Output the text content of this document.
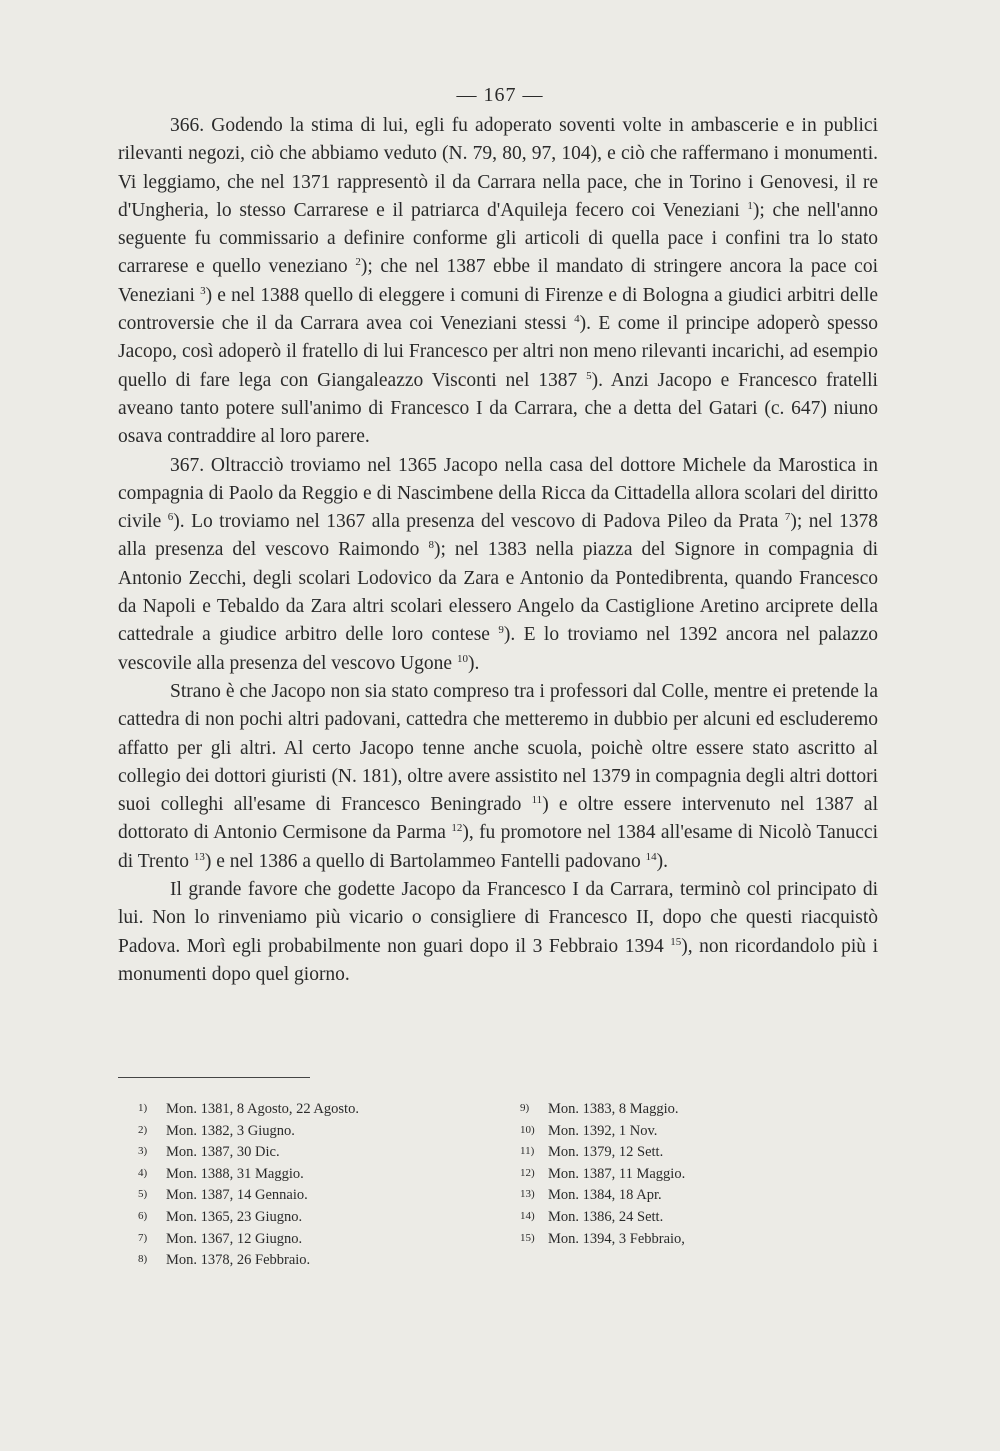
— 167 —

366. Godendo la stima di lui, egli fu adoperato soventi volte in ambascerie e in publici rilevanti negozi, ciò che abbiamo veduto (N. 79, 80, 97, 104), e ciò che raffermano i monumenti. Vi leggiamo, che nel 1371 rappresentò il da Carrara nella pace, che in Torino i Genovesi, il re d'Ungheria, lo stesso Carrarese e il patriarca d'Aquileja fecero coi Veneziani $^1$); che nell'anno seguente fu commissario a definire conforme gli articoli di quella pace i confini tra lo stato carrarese e quello veneziano $^2$); che nel 1387 ebbe il mandato di stringere ancora la pace coi Veneziani $^3$) e nel 1388 quello di eleggere i comuni di Firenze e di Bologna a giudici arbitri delle controversie che il da Carrara avea coi Veneziani stessi $^4$). E come il principe adoperò spesso Jacopo, così adoperò il fratello di lui Francesco per altri non meno rilevanti incarichi, ad esempio quello di fare lega con Giangaleazzo Visconti nel 1387 $^5$). Anzi Jacopo e Francesco fratelli aveano tanto potere sull'animo di Francesco I da Carrara, che a detta del Gatari (c. 647) niuno osava contraddire al loro parere.

367. Oltracciò troviamo nel 1365 Jacopo nella casa del dottore Michele da Marostica in compagnia di Paolo da Reggio e di Nascimbene della Ricca da Cittadella allora scolari del diritto civile $^6$). Lo troviamo nel 1367 alla presenza del vescovo di Padova Pileo da Prata $^7$); nel 1378 alla presenza del vescovo Raimondo $^8$); nel 1383 nella piazza del Signore in compagnia di Antonio Zecchi, degli scolari Lodovico da Zara e Antonio da Pontedibrenta, quando Francesco da Napoli e Tebaldo da Zara altri scolari elessero Angelo da Castiglione Aretino arciprete della cattedrale a giudice arbitro delle loro contese $^9$). E lo troviamo nel 1392 ancora nel palazzo vescovile alla presenza del vescovo Ugone $^{10}$).

Strano è che Jacopo non sia stato compreso tra i professori dal Colle, mentre ei pretende la cattedra di non pochi altri padovani, cattedra che metteremo in dubbio per alcuni ed escluderemo affatto per gli altri. Al certo Jacopo tenne anche scuola, poichè oltre essere stato ascritto al collegio dei dottori giuristi (N. 181), oltre avere assistito nel 1379 in compagnia degli altri dottori suoi colleghi all'esame di Francesco Beningrado $^{11}$) e oltre essere intervenuto nel 1387 al dottorato di Antonio Cermisone da Parma $^{12}$), fu promotore nel 1384 all'esame di Nicolò Tanucci di Trento $^{13}$) e nel 1386 a quello di Bartolammeo Fantelli padovano $^{14}$).

Il grande favore che godette Jacopo da Francesco I da Carrara, terminò col principato di lui. Non lo rinveniamo più vicario o consigliere di Francesco II, dopo che questi riacquistò Padova. Morì egli probabilmente non guari dopo il 3 Febbraio 1394 $^{15}$), non ricordandolo più i monumenti dopo quel giorno.

1) Mon. 1381, 8 Agosto, 22 Agosto.
2) Mon. 1382, 3 Giugno.
3) Mon. 1387, 30 Dic.
4) Mon. 1388, 31 Maggio.
5) Mon. 1387, 14 Gennaio.
6) Mon. 1365, 23 Giugno.
7) Mon. 1367, 12 Giugno.
8) Mon. 1378, 26 Febbraio.
9) Mon. 1383, 8 Maggio.
10) Mon. 1392, 1 Nov.
11) Mon. 1379, 12 Sett.
12) Mon. 1387, 11 Maggio.
13) Mon. 1384, 18 Apr.
14) Mon. 1386, 24 Sett.
15) Mon. 1394, 3 Febbraio,
